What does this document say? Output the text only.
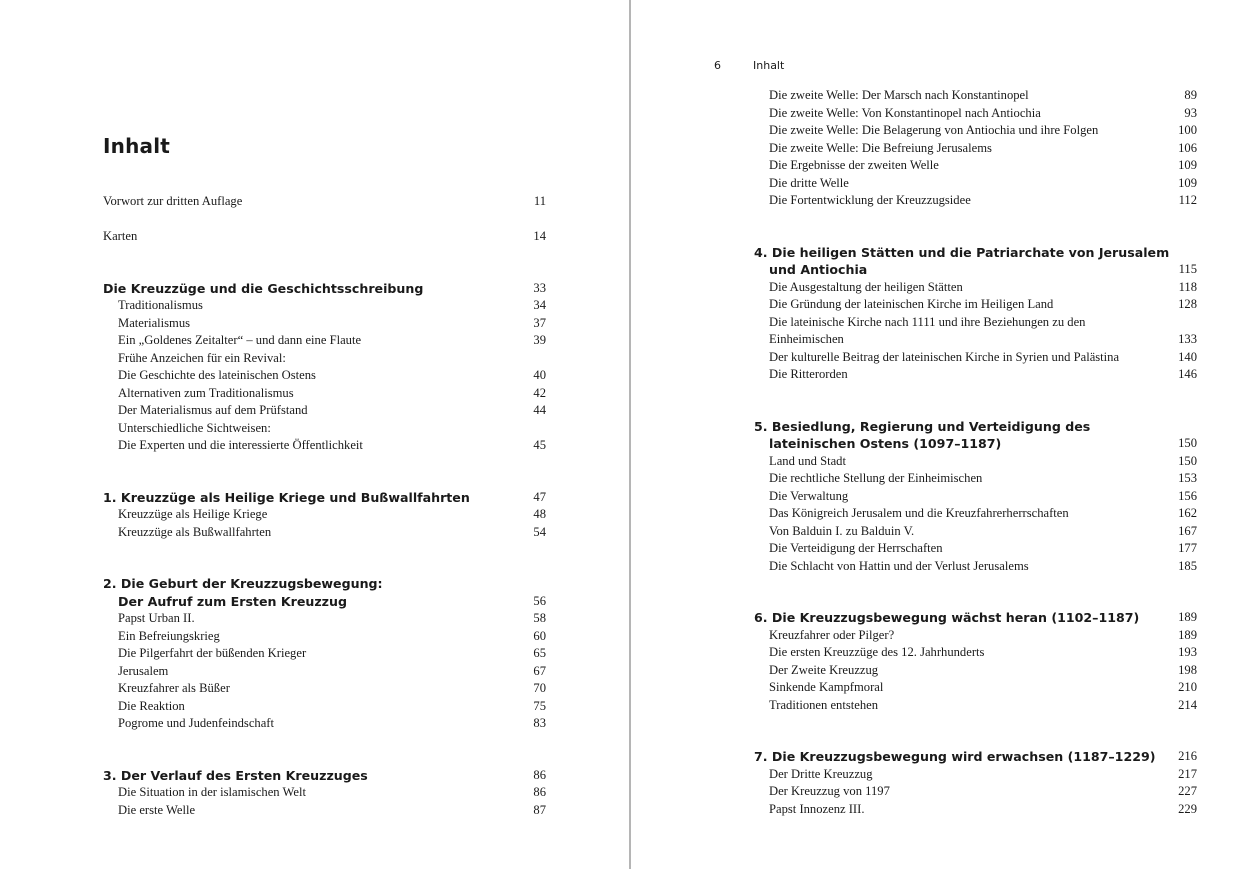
Inhalt
Vorwort zur dritten Auflage	11
Karten	14
Die Kreuzzüge und die Geschichtsschreibung	33
Traditionalismus	34
Materialismus	37
Ein „Goldenes Zeitalter“ – und dann eine Flaute	39
Frühe Anzeichen für ein Revival:
Die Geschichte des lateinischen Ostens	40
Alternativen zum Traditionalismus	42
Der Materialismus auf dem Prüfstand	44
Unterschiedliche Sichtweisen:
Die Experten und die interessierte Öffentlichkeit	45
1. Kreuzzüge als Heilige Kriege und Bußwallfahrten	47
Kreuzzüge als Heilige Kriege	48
Kreuzzüge als Bußwallfahrten	54
2. Die Geburt der Kreuzzugsbewegung:
Der Aufruf zum Ersten Kreuzzug	56
Papst Urban II.	58
Ein Befreiungskrieg	60
Die Pilgerfahrt der büßenden Krieger	65
Jerusalem	67
Kreuzfahrer als Büßer	70
Die Reaktion	75
Pogrome und Judenfeindschaft	83
3. Der Verlauf des Ersten Kreuzzuges	86
Die Situation in der islamischen Welt	86
Die erste Welle	87
6	Inhalt
Die zweite Welle: Der Marsch nach Konstantinopel	89
Die zweite Welle: Von Konstantinopel nach Antiochia	93
Die zweite Welle: Die Belagerung von Antiochia und ihre Folgen	100
Die zweite Welle: Die Befreiung Jerusalems	106
Die Ergebnisse der zweiten Welle	109
Die dritte Welle	109
Die Fortentwicklung der Kreuzzugsidee	112
4. Die heiligen Stätten und die Patriarchate von Jerusalem
und Antiochia	115
Die Ausgestaltung der heiligen Stätten	118
Die Gründung der lateinischen Kirche im Heiligen Land	128
Die lateinische Kirche nach 1111 und ihre Beziehungen zu den
Einheimischen	133
Der kulturelle Beitrag der lateinischen Kirche in Syrien und Palästina	140
Die Ritterorden	146
5. Besiedlung, Regierung und Verteidigung des
lateinischen Ostens (1097–1187)	150
Land und Stadt	150
Die rechtliche Stellung der Einheimischen	153
Die Verwaltung	156
Das Königreich Jerusalem und die Kreuzfahrerherrschaften	162
Von Balduin I. zu Balduin V.	167
Die Verteidigung der Herrschaften	177
Die Schlacht von Hattin und der Verlust Jerusalems	185
6. Die Kreuzzugsbewegung wächst heran (1102–1187)	189
Kreuzfahrer oder Pilger?	189
Die ersten Kreuzzüge des 12. Jahrhunderts	193
Der Zweite Kreuzzug	198
Sinkende Kampfmoral	210
Traditionen entstehen	214
7. Die Kreuzzugsbewegung wird erwachsen (1187–1229) 216
Der Dritte Kreuzzug	217
Der Kreuzzug von 1197	227
Papst Innozenz III.	229
